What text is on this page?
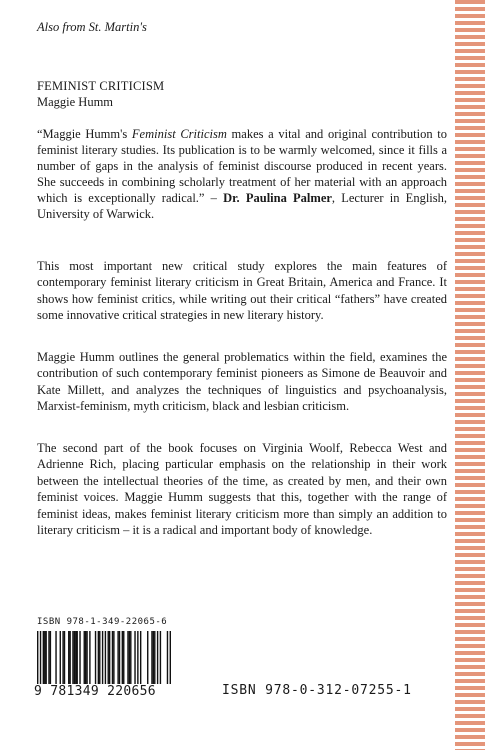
Also from St. Martin's
FEMINIST CRITICISM
Maggie Humm

“Maggie Humm's Feminist Criticism makes a vital and original contribution to feminist literary studies. Its publication is to be warmly welcomed, since it fills a number of gaps in the analysis of feminist discourse produced in recent years. She succeeds in combining scholarly treatment of her material with an approach which is exceptionally radical.” – Dr. Paulina Palmer, Lecturer in English, University of Warwick.

This most important new critical study explores the main features of contemporary feminist literary criticism in Great Britain, America and France. It shows how feminist critics, while writing out their critical “fathers” have created some innovative critical strategies in new literary history.

Maggie Humm outlines the general problematics within the field, examines the contribution of such contemporary feminist pioneers as Simone de Beauvoir and Kate Millett, and analyzes the techniques of linguistics and psychoanalysis, Marxist-feminism, myth criticism, black and lesbian criticism.

The second part of the book focuses on Virginia Woolf, Rebecca West and Adrienne Rich, placing particular emphasis on the relationship in their work between the intellectual theories of the time, as created by men, and their own feminist voices. Maggie Humm suggests that this, together with the range of feminist ideas, makes feminist literary criticism more than simply an addition to literary criticism – it is a radical and important body of knowledge.

ISBN 978-1-349-22065-6
9 781349 220656	ISBN 978-0-312-07255-1
